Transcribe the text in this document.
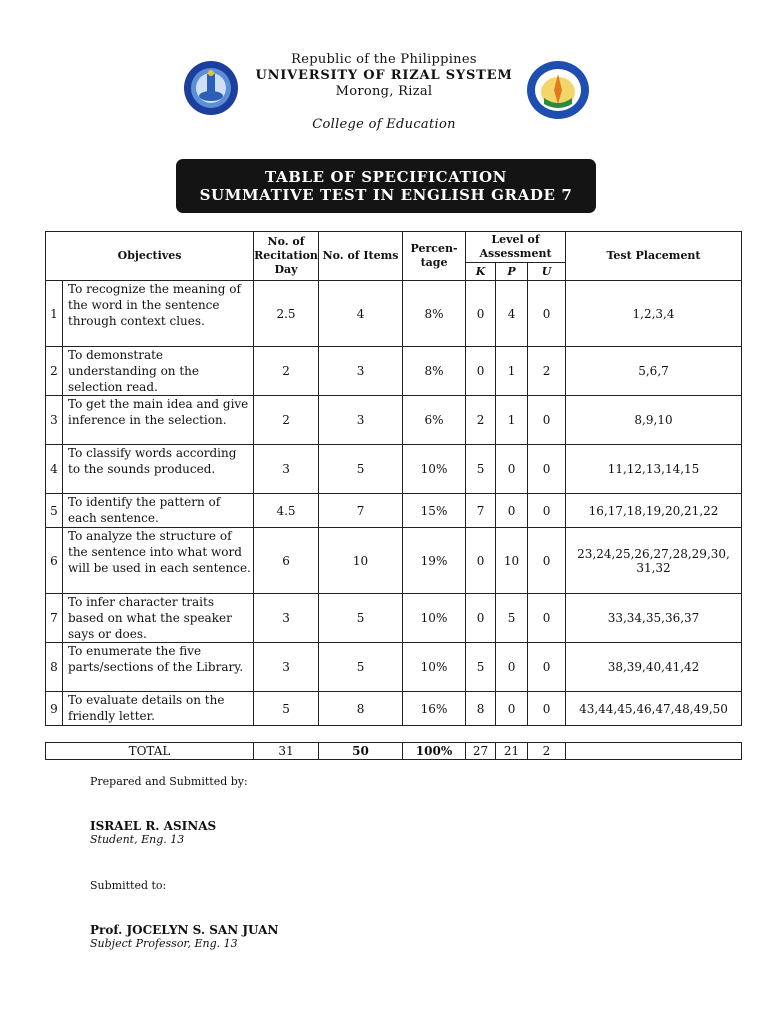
Republic of the Philippines
UNIVERSITY OF RIZAL SYSTEM
Morong, Rizal
College of Education
TABLE OF SPECIFICATION
SUMMATIVE TEST IN ENGLISH GRADE 7
Objectives		No. of Recitation Day	No. of Items	Percen-tage	Level of Assessment			Test Placement
					K	P	U	
1	To recognize the meaning of the word in the sentence through context clues.	2.5	4	8%	0	4	0	1,2,3,4
2	To demonstrate understanding on the selection read.	2	3	8%	0	1	2	5,6,7
3	To get the main idea and give inference in the selection.	2	3	6%	2	1	0	8,9,10
4	To classify words according to the sounds produced.	3	5	10%	5	0	0	11,12,13,14,15
5	To identify the pattern of each sentence.	4.5	7	15%	7	0	0	16,17,18,19,20,21,22
6	To analyze the structure of the sentence into what word will be used in each sentence.	6	10	19%	0	10	0	23,24,25,26,27,28,29,30, 31,32
7	To infer character traits based on what the speaker says or does.	3	5	10%	0	5	0	33,34,35,36,37
8	To enumerate the five parts/sections of the Library.	3	5	10%	5	0	0	38,39,40,41,42
9	To evaluate details on the friendly letter.	5	8	16%	8	0	0	43,44,45,46,47,48,49,50
TOTAL	31	50	100%	27	21	2	
Prepared and Submitted by:
ISRAEL R. ASINAS
Student, Eng. 13
Submitted to:
Prof. JOCELYN S. SAN JUAN
Subject Professor, Eng. 13
